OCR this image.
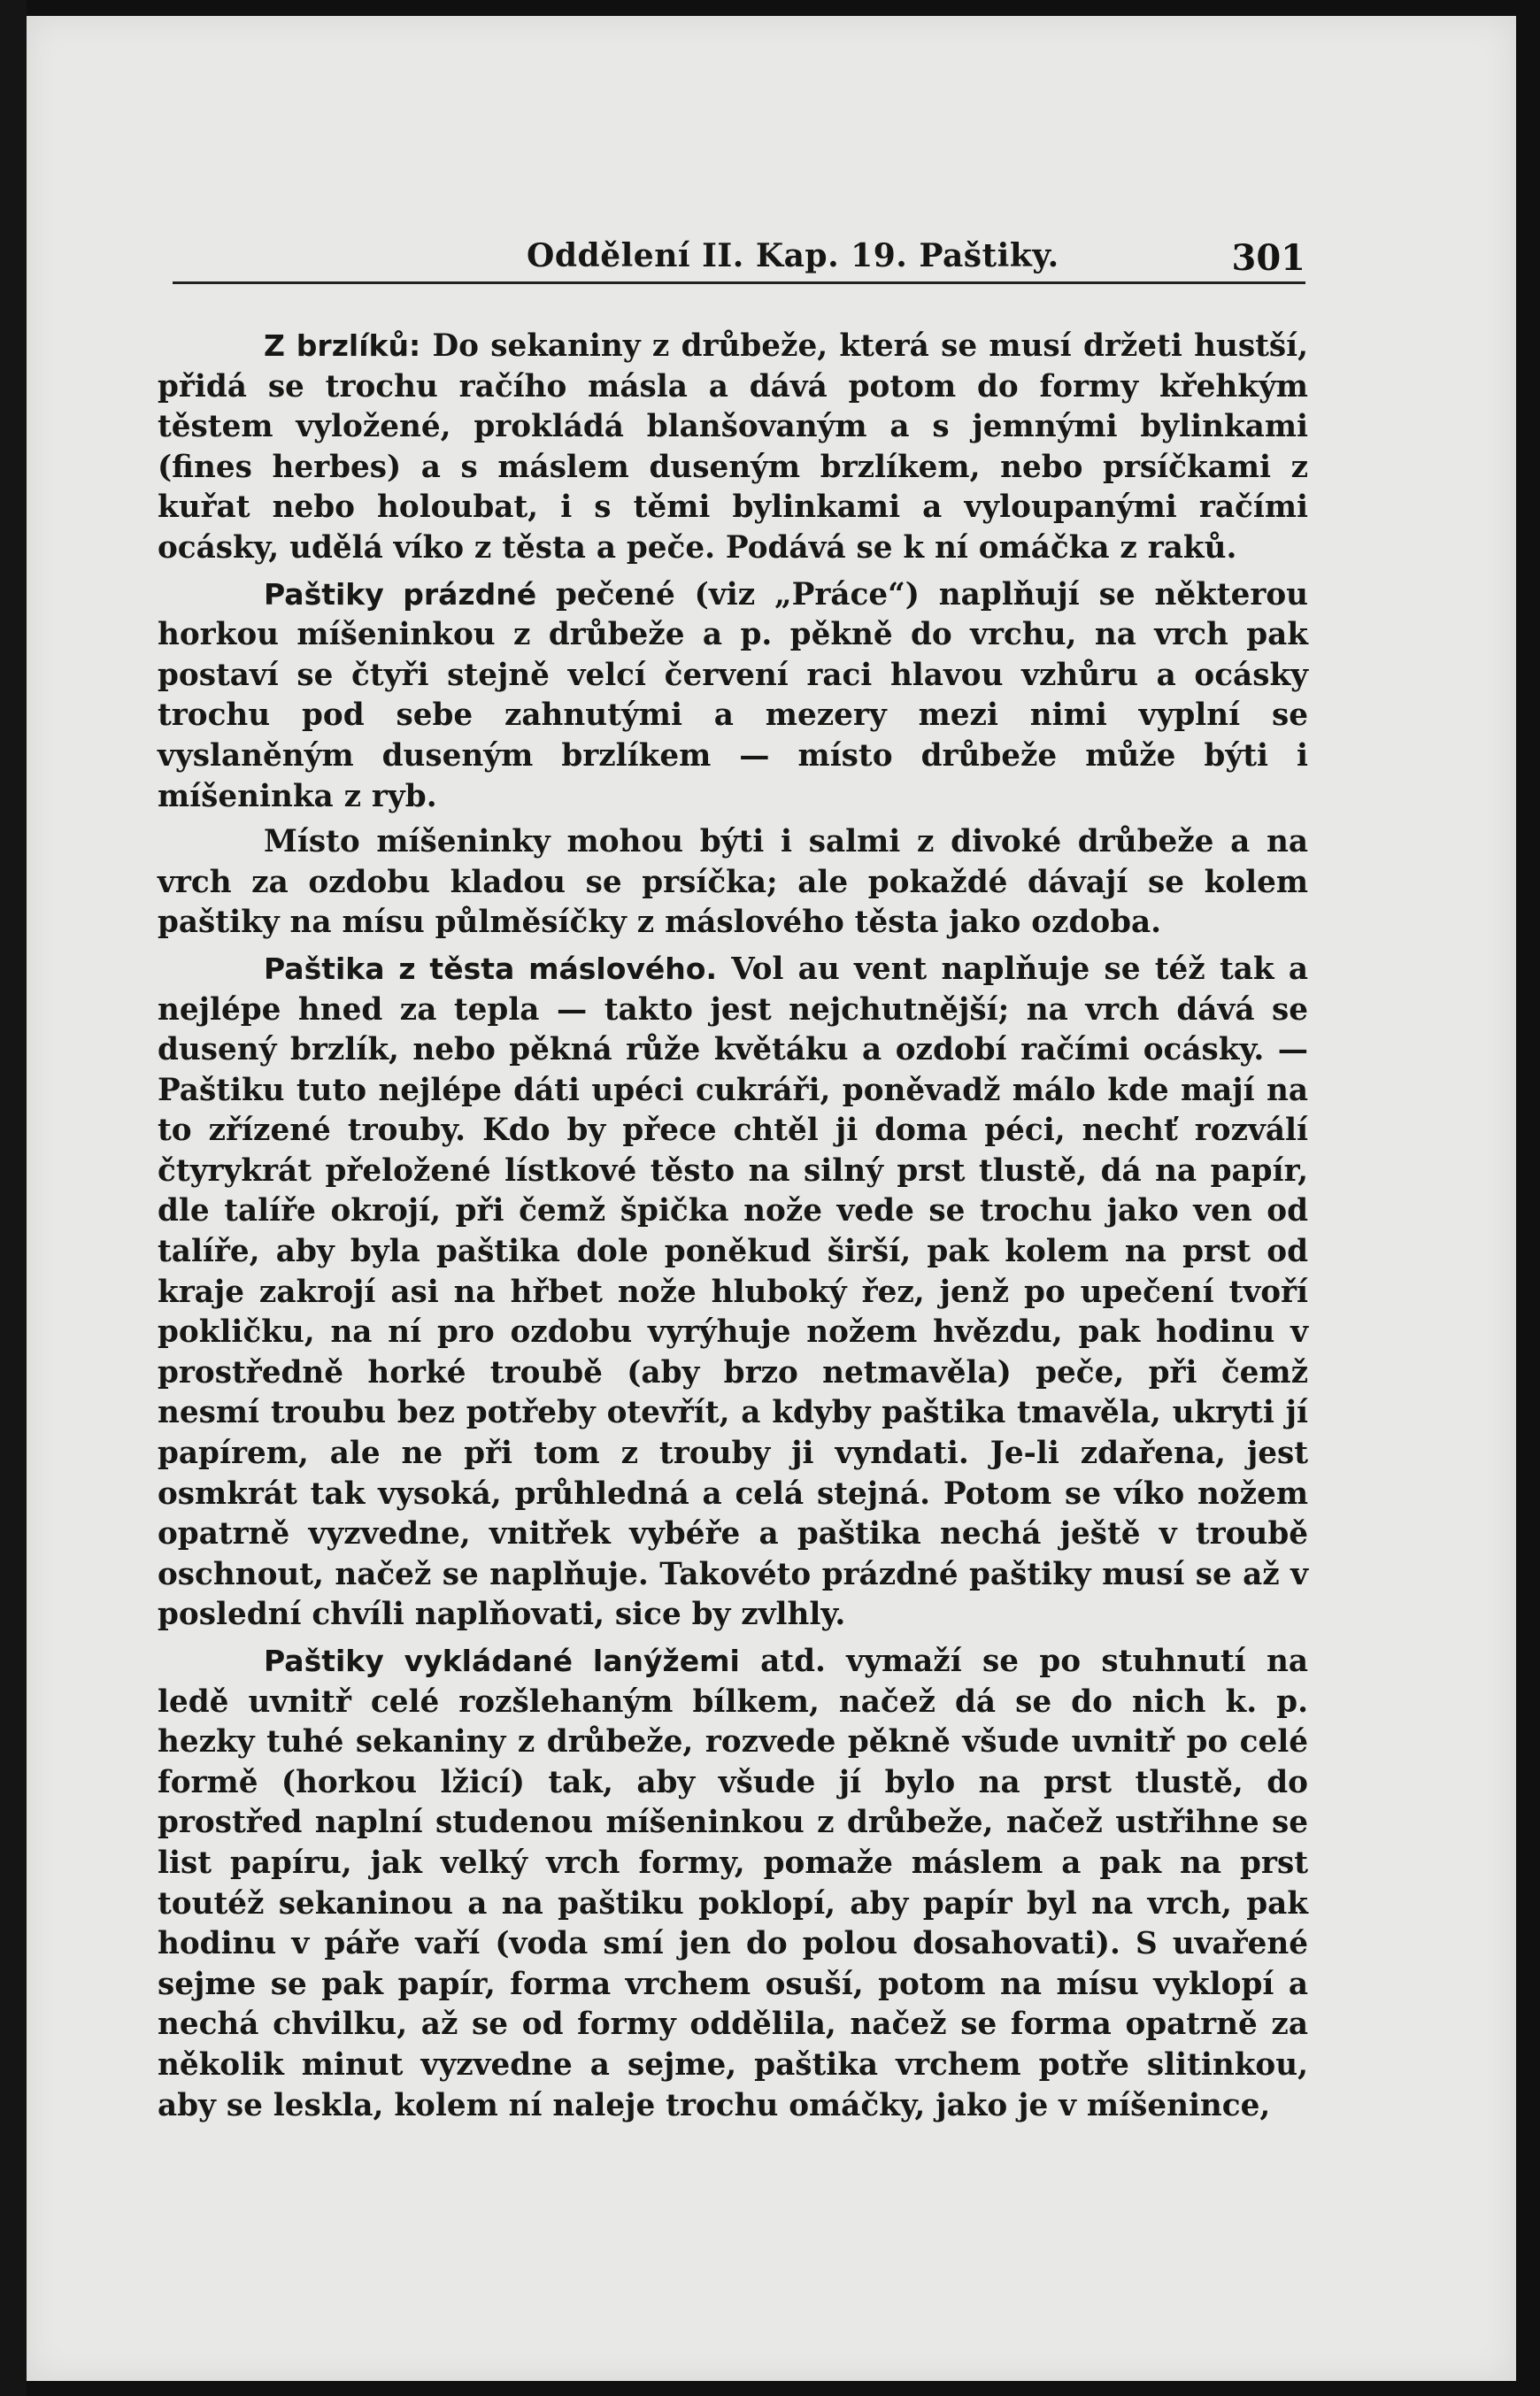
Oddělení II. Kap. 19. Paštiky.	301

Z brzlíků: Do sekaniny z drůbeže, která se musí držeti hustší, přidá se trochu račího másla a dává potom do formy křehkým těstem vyložené, prokládá blanšovaným a s jemnými bylinkami (fines herbes) a s máslem duseným brzlíkem, nebo prsíčkami z kuřat nebo holoubat, i s těmi bylinkami a vyloupanými račími ocásky, udělá víko z těsta a peče. Podává se k ní omáčka z raků.

Paštiky prázdné pečené (viz „Práce“) naplňují se některou horkou míšeninkou z drůbeže a p. pěkně do vrchu, na vrch pak postaví se čtyři stejně velcí červení raci hlavou vzhůru a ocásky trochu pod sebe zahnutými a mezery mezi nimi vyplní se vyslaněným duseným brzlíkem — místo drůbeže může býti i míšeninka z ryb.

Místo míšeninky mohou býti i salmi z divoké drůbeže a na vrch za ozdobu kladou se prsíčka; ale pokaždé dávají se kolem paštiky na mísu půlměsíčky z máslového těsta jako ozdoba.

Paštika z těsta máslového. Vol au vent naplňuje se též tak a nejlépe hned za tepla — takto jest nejchutnější; na vrch dává se dusený brzlík, nebo pěkná růže květáku a ozdobí račími ocásky. — Paštiku tuto nejlépe dáti upéci cukráři, poněvadž málo kde mají na to zřízené trouby. Kdo by přece chtěl ji doma péci, nechť rozválí čtyrykrát přeložené lístkové těsto na silný prst tlustě, dá na papír, dle talíře okrojí, při čemž špička nože vede se trochu jako ven od talíře, aby byla paštika dole poněkud širší, pak kolem na prst od kraje zakrojí asi na hřbet nože hluboký řez, jenž po upečení tvoří pokličku, na ní pro ozdobu vyrýhuje nožem hvězdu, pak hodinu v prostředně horké troubě (aby brzo netmavěla) peče, při čemž nesmí troubu bez potřeby otevřít, a kdyby paštika tmavěla, ukryti jí papírem, ale ne při tom z trouby ji vyndati. Je-li zdařena, jest osmkrát tak vysoká, průhledná a celá stejná. Potom se víko nožem opatrně vyzvedne, vnitřek vybéře a paštika nechá ještě v troubě oschnout, načež se naplňuje. Takovéto prázdné paštiky musí se až v poslední chvíli naplňovati, sice by zvlhly.

Paštiky vykládané lanýžemi atd. vymaží se po stuhnutí na ledě uvnitř celé rozšlehaným bílkem, načež dá se do nich k. p. hezky tuhé sekaniny z drůbeže, rozvede pěkně všude uvnitř po celé formě (horkou lžicí) tak, aby všude jí bylo na prst tlustě, do prostřed naplní studenou míšeninkou z drůbeže, načež ustřihne se list papíru, jak velký vrch formy, pomaže máslem a pak na prst toutéž sekaninou a na paštiku poklopí, aby papír byl na vrch, pak hodinu v páře vaří (voda smí jen do polou dosahovati). S uvařené sejme se pak papír, forma vrchem osuší, potom na mísu vyklopí a nechá chvilku, až se od formy oddělila, načež se forma opatrně za několik minut vyzvedne a sejme, paštika vrchem potře slitinkou, aby se leskla, kolem ní naleje trochu omáčky, jako je v míšenince,
